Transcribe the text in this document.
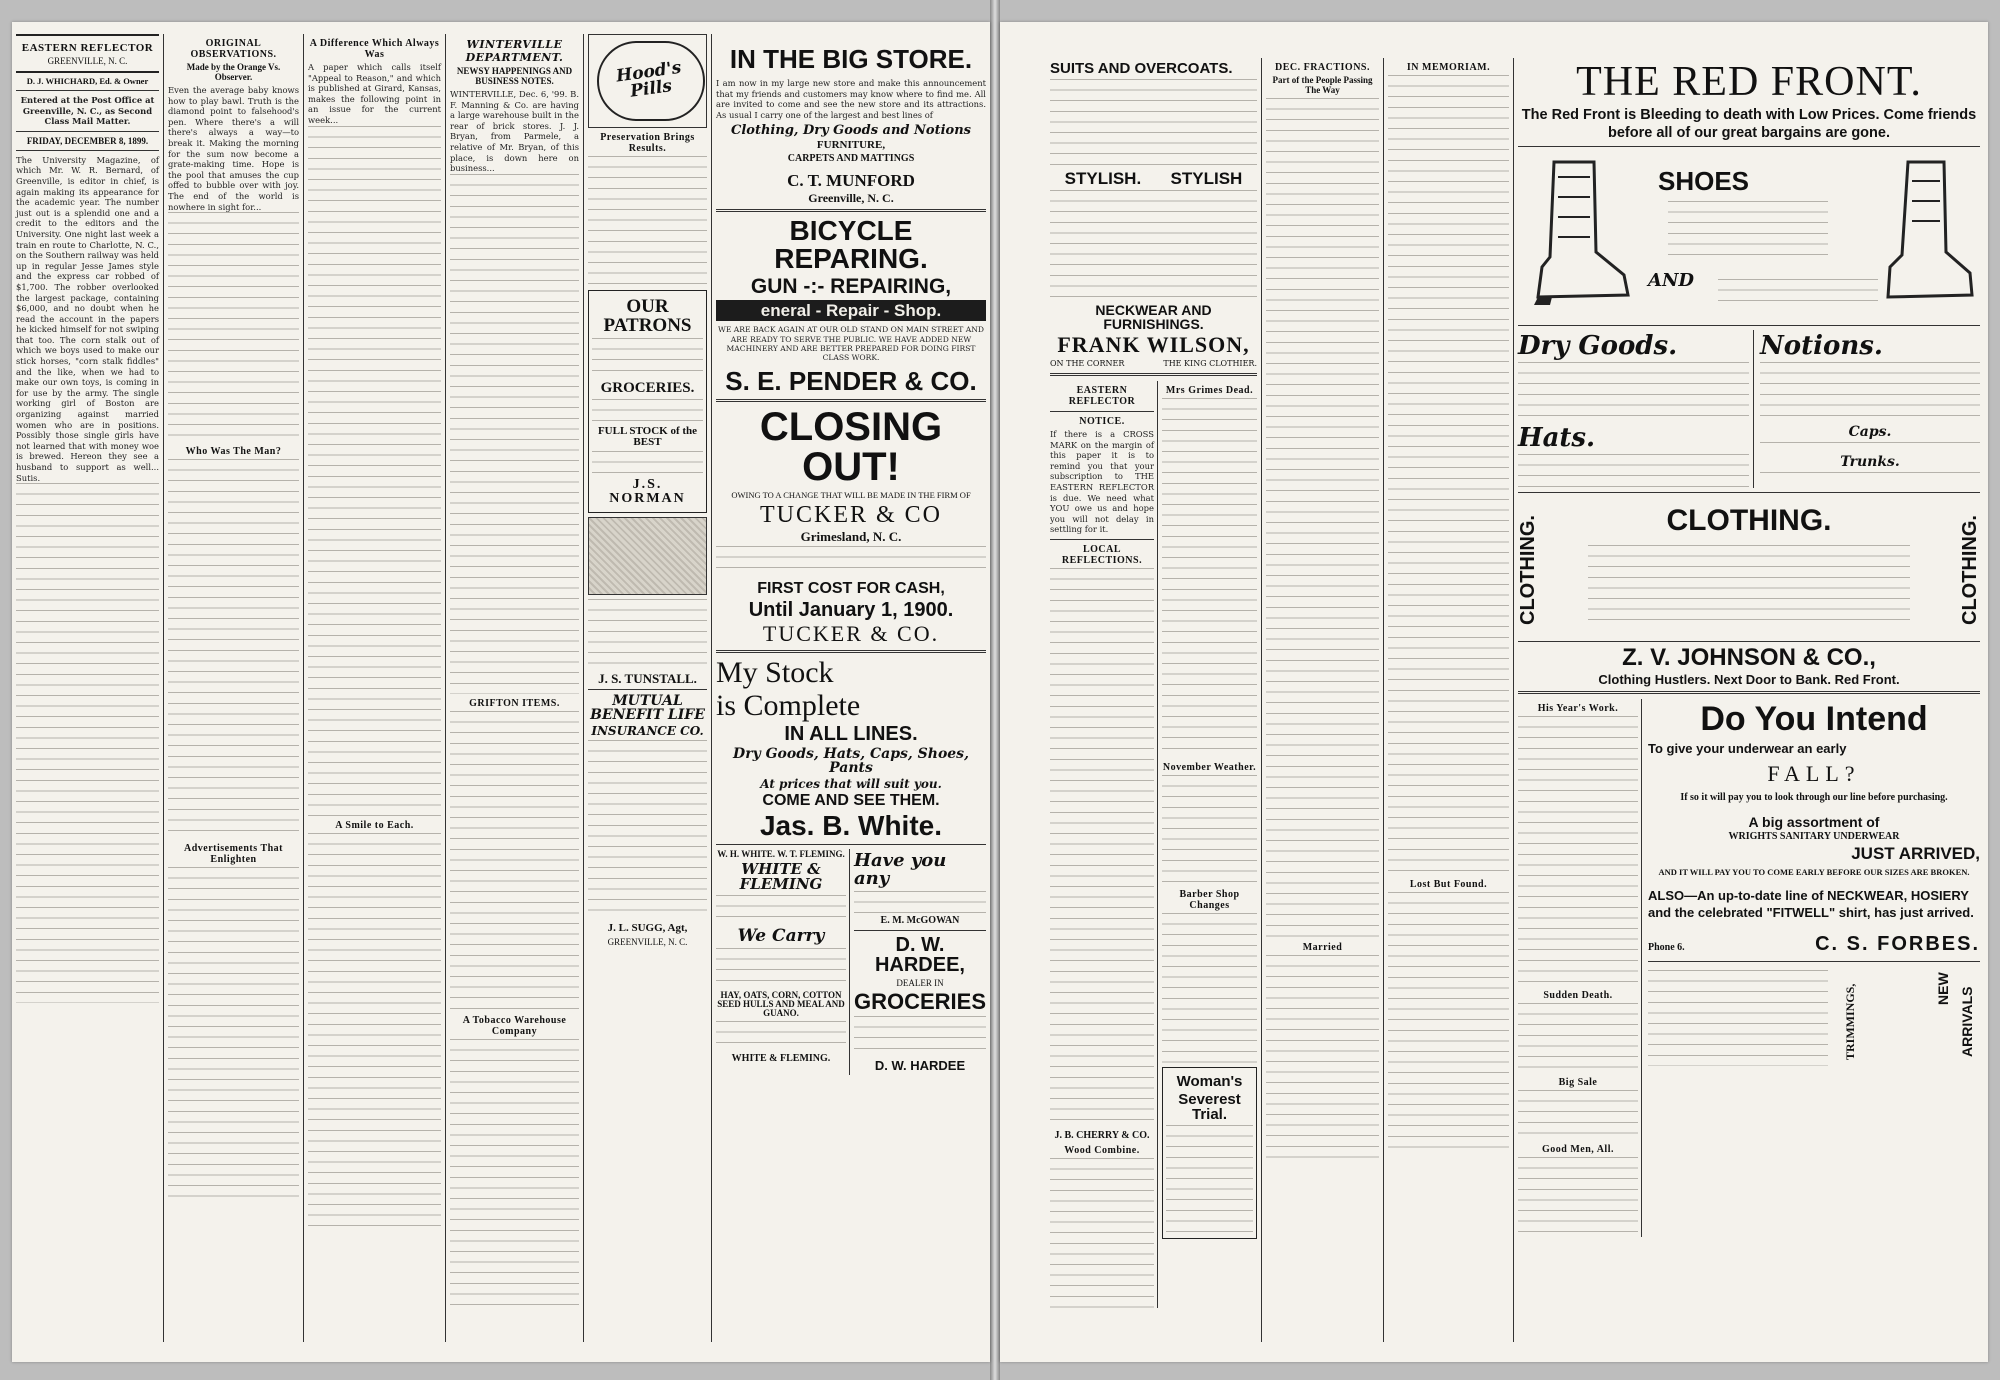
EASTERN REFLECTOR
GREENVILLE, N. C.
D. J. WHICHARD, Ed. & Owner

Entered at the Post Office at Greenville, N. C., as Second Class Mail Matter.

FRIDAY, DECEMBER 8, 1899.

The University Magazine, of which Mr. W. R. Bernard, of Greenville, is editor in chief, is again making its appearance for the academic year. The number just out is a splendid one and a credit to the editors and the University. One night last week a train en route to Charlotte, N. C., on the Southern railway was held up in regular Jesse James style and the express car robbed of $1,700. The robber overlooked the largest package, containing $6,000, and no doubt when he read the account in the papers he kicked himself for not swiping that too. The corn stalk out of which we boys used to make our stick horses, "corn stalk fiddles" and the like, when we had to make our own toys, is coming in for use by the army. The single working girl of Boston are organizing against married women who are in positions. Possibly those single girls have not learned that with money woe is brewed. Hereon they see a husband to support as well... Sutis.

ORIGINAL OBSERVATIONS.
Made by the Orange Vs. Observer.

Even the average baby knows how to play bawl. Truth is the diamond point to falsehood's pen. Where there's a will there's always a way—to break it. Making the morning for the sum now become a grate-making time. Hope is the pool that amuses the cup offed to bubble over with joy. The end of the world is nowhere in sight for...

Who Was The Man?
Advertisements That Enlighten
A Difference Which Always Was

A paper which calls itself "Appeal to Reason," and which is published at Girard, Kansas, makes the following point in an issue for the current week...

A Smile to Each.
WINTERVILLE DEPARTMENT.
NEWSY HAPPENINGS AND BUSINESS NOTES.

WINTERVILLE, Dec. 6, '99. B. F. Manning & Co. are having a large warehouse built in the rear of brick stores. J. J. Bryan, from Parmele, a relative of Mr. Bryan, of this place, is down here on business...

GRIFTON ITEMS.
A Tobacco Warehouse Company
Hood's Pills
Preservation Brings Results.
OUR PATRONS
GROCERIES.
FULL STOCK of the BEST
J.S. NORMAN
J. S. TUNSTALL.
MUTUAL BENEFIT LIFE
INSURANCE CO.
J. L. SUGG, Agt,
GREENVILLE, N. C.
IN THE BIG STORE.

I am now in my large new store and make this announcement that my friends and customers may know where to find me. All are invited to come and see the new store and its attractions. As usual I carry one of the largest and best lines of

Clothing, Dry Goods and Notions
FURNITURE,
CARPETS AND MATTINGS
C. T. MUNFORD
Greenville, N. C.
BICYCLE REPARING.
GUN -:- REPAIRING,
eneral - Repair - Shop.

WE ARE BACK AGAIN AT OUR OLD STAND ON MAIN STREET AND ARE READY TO SERVE THE PUBLIC. WE HAVE ADDED NEW MACHINERY AND ARE BETTER PREPARED FOR DOING FIRST CLASS WORK.

S. E. PENDER & CO.
CLOSING OUT!
OWING TO A CHANGE THAT WILL BE MADE IN THE FIRM OF
TUCKER & CO
Grimesland, N. C.
FIRST COST FOR CASH,
Until January 1, 1900.
TUCKER & CO.
My Stock
is Complete
IN ALL LINES.
Dry Goods, Hats, Caps, Shoes, Pants
At prices that will suit you.
COME AND SEE THEM.
Jas. B. White.
W. H. WHITE. W. T. FLEMING.
WHITE & FLEMING
We Carry
HAY, OATS, CORN, COTTON SEED HULLS AND MEAL AND GUANO.
WHITE & FLEMING.
Have you any
E. M. McGOWAN
D. W. HARDEE,
DEALER IN
GROCERIES
D. W. HARDEE
SUITS AND OVERCOATS.
STYLISH. STYLISH
NECKWEAR AND FURNISHINGS.
FRANK WILSON,
ON THE CORNER	THE KING CLOTHIER.
EASTERN REFLECTOR
NOTICE.

If there is a CROSS MARK on the margin of this paper it is to remind you that your subscription to THE EASTERN REFLECTOR is due. We need what YOU owe us and hope you will not delay in settling for it.

LOCAL REFLECTIONS.
J. B. CHERRY & CO.
Wood Combine.
Mrs Grimes Dead.
November Weather.
Barber Shop Changes
Woman's
Severest Trial.
DEC. FRACTIONS.
Part of the People Passing The Way
Married
IN MEMORIAM.
Lost But Found.
THE RED FRONT.
The Red Front is Bleeding to death with Low Prices. Come friends before all of our great bargains are gone.
SHOES
AND
Dry Goods.
Hats.
Notions.
Caps.
Trunks.
CLOTHING.	CLOTHING.	CLOTHING.
Z. V. JOHNSON & CO.,
Clothing Hustlers. Next Door to Bank. Red Front.
His Year's Work.
Sudden Death.
Big Sale
Good Men, All.
Do You Intend
To give your underwear an early
FALL?
If so it will pay you to look through our line before purchasing.
A big assortment of
WRIGHTS SANITARY UNDERWEAR
JUST ARRIVED,
AND IT WILL PAY YOU TO COME EARLY BEFORE OUR SIZES ARE BROKEN.
ALSO—An up-to-date line of NECKWEAR, HOSIERY and the celebrated "FITWELL" shirt, has just arrived.
Phone 6.	C. S. FORBES.
TRIMMINGS,	NEW ARRIVALS
